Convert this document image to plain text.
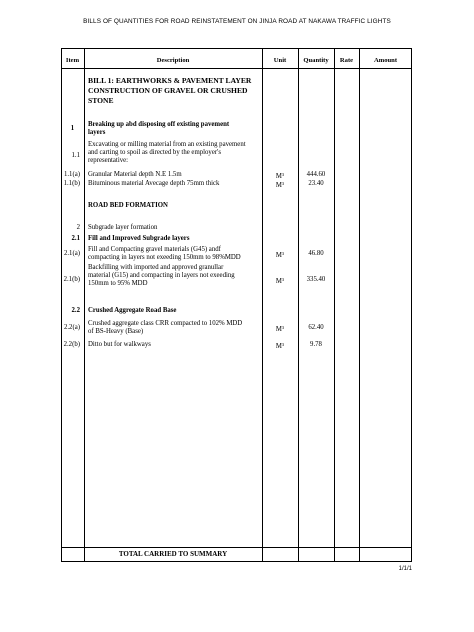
BILLS OF QUANTITIES FOR ROAD REINSTATEMENT ON JINJA ROAD AT NAKAWA TRAFFIC LIGHTS
Item	Description	Unit	Quantity	Rate	Amount
BILL 1: EARTHWORKS & PAVEMENT LAYER
CONSTRUCTION OF GRAVEL OR CRUSHED
STONE
1
Breaking up abd disposing off existing pavement
layers
1.1
Excavating or milling material from an existing pavement
and carting to spoil as directed by the employer's
representative:
1.1(a) Granular Material depth N.E 1.5m	$M^3$	444.60
1.1(b) Bituminous material Avecage depth 75mm thick	$M^3$	23.40
ROAD BED FORMATION
2 Subgrade layer formation
2.1 Fill and Improved Subgrade layers
2.1(a)
Fill and Compacting gravel materials (G45) andf
compacting in layers not exeeding 150mm to 98%MDD	$M^3$	46.80
2.1(b)
Backfilling with imported and approved granullar
material (G15) and compacting in layers not exeeding
150mm to 95% MDD	$M^3$	335.40
2.2 Crushed Aggregate Road Base
2.2(a)
Crushed aggregate class CRR compacted to 102% MDD
of BS-Heavy (Base)	$M^3$	62.40
2.2(b) Ditto but for walkways	$M^3$	9.78
TOTAL CARRIED TO SUMMARY
1/1/1
